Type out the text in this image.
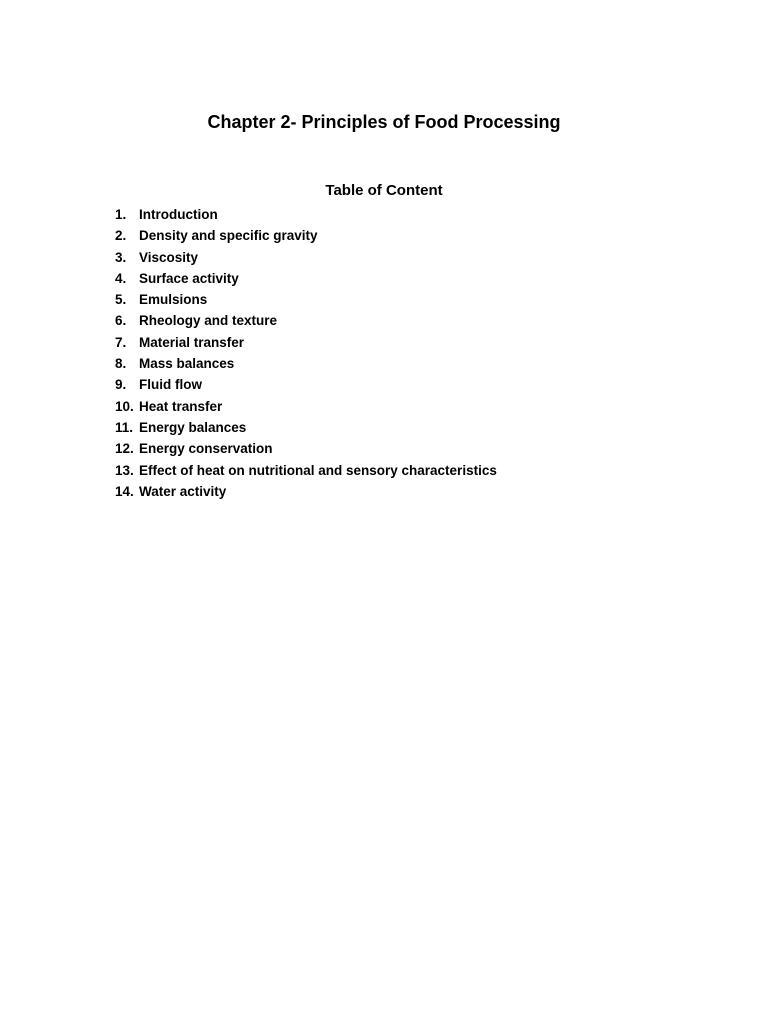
Chapter 2- Principles of Food Processing
Table of Content
1. Introduction
2. Density and specific gravity
3. Viscosity
4. Surface activity
5. Emulsions
6. Rheology and texture
7. Material transfer
8. Mass balances
9. Fluid flow
10. Heat transfer
11. Energy balances
12. Energy conservation
13. Effect of heat on nutritional and sensory characteristics
14. Water activity
